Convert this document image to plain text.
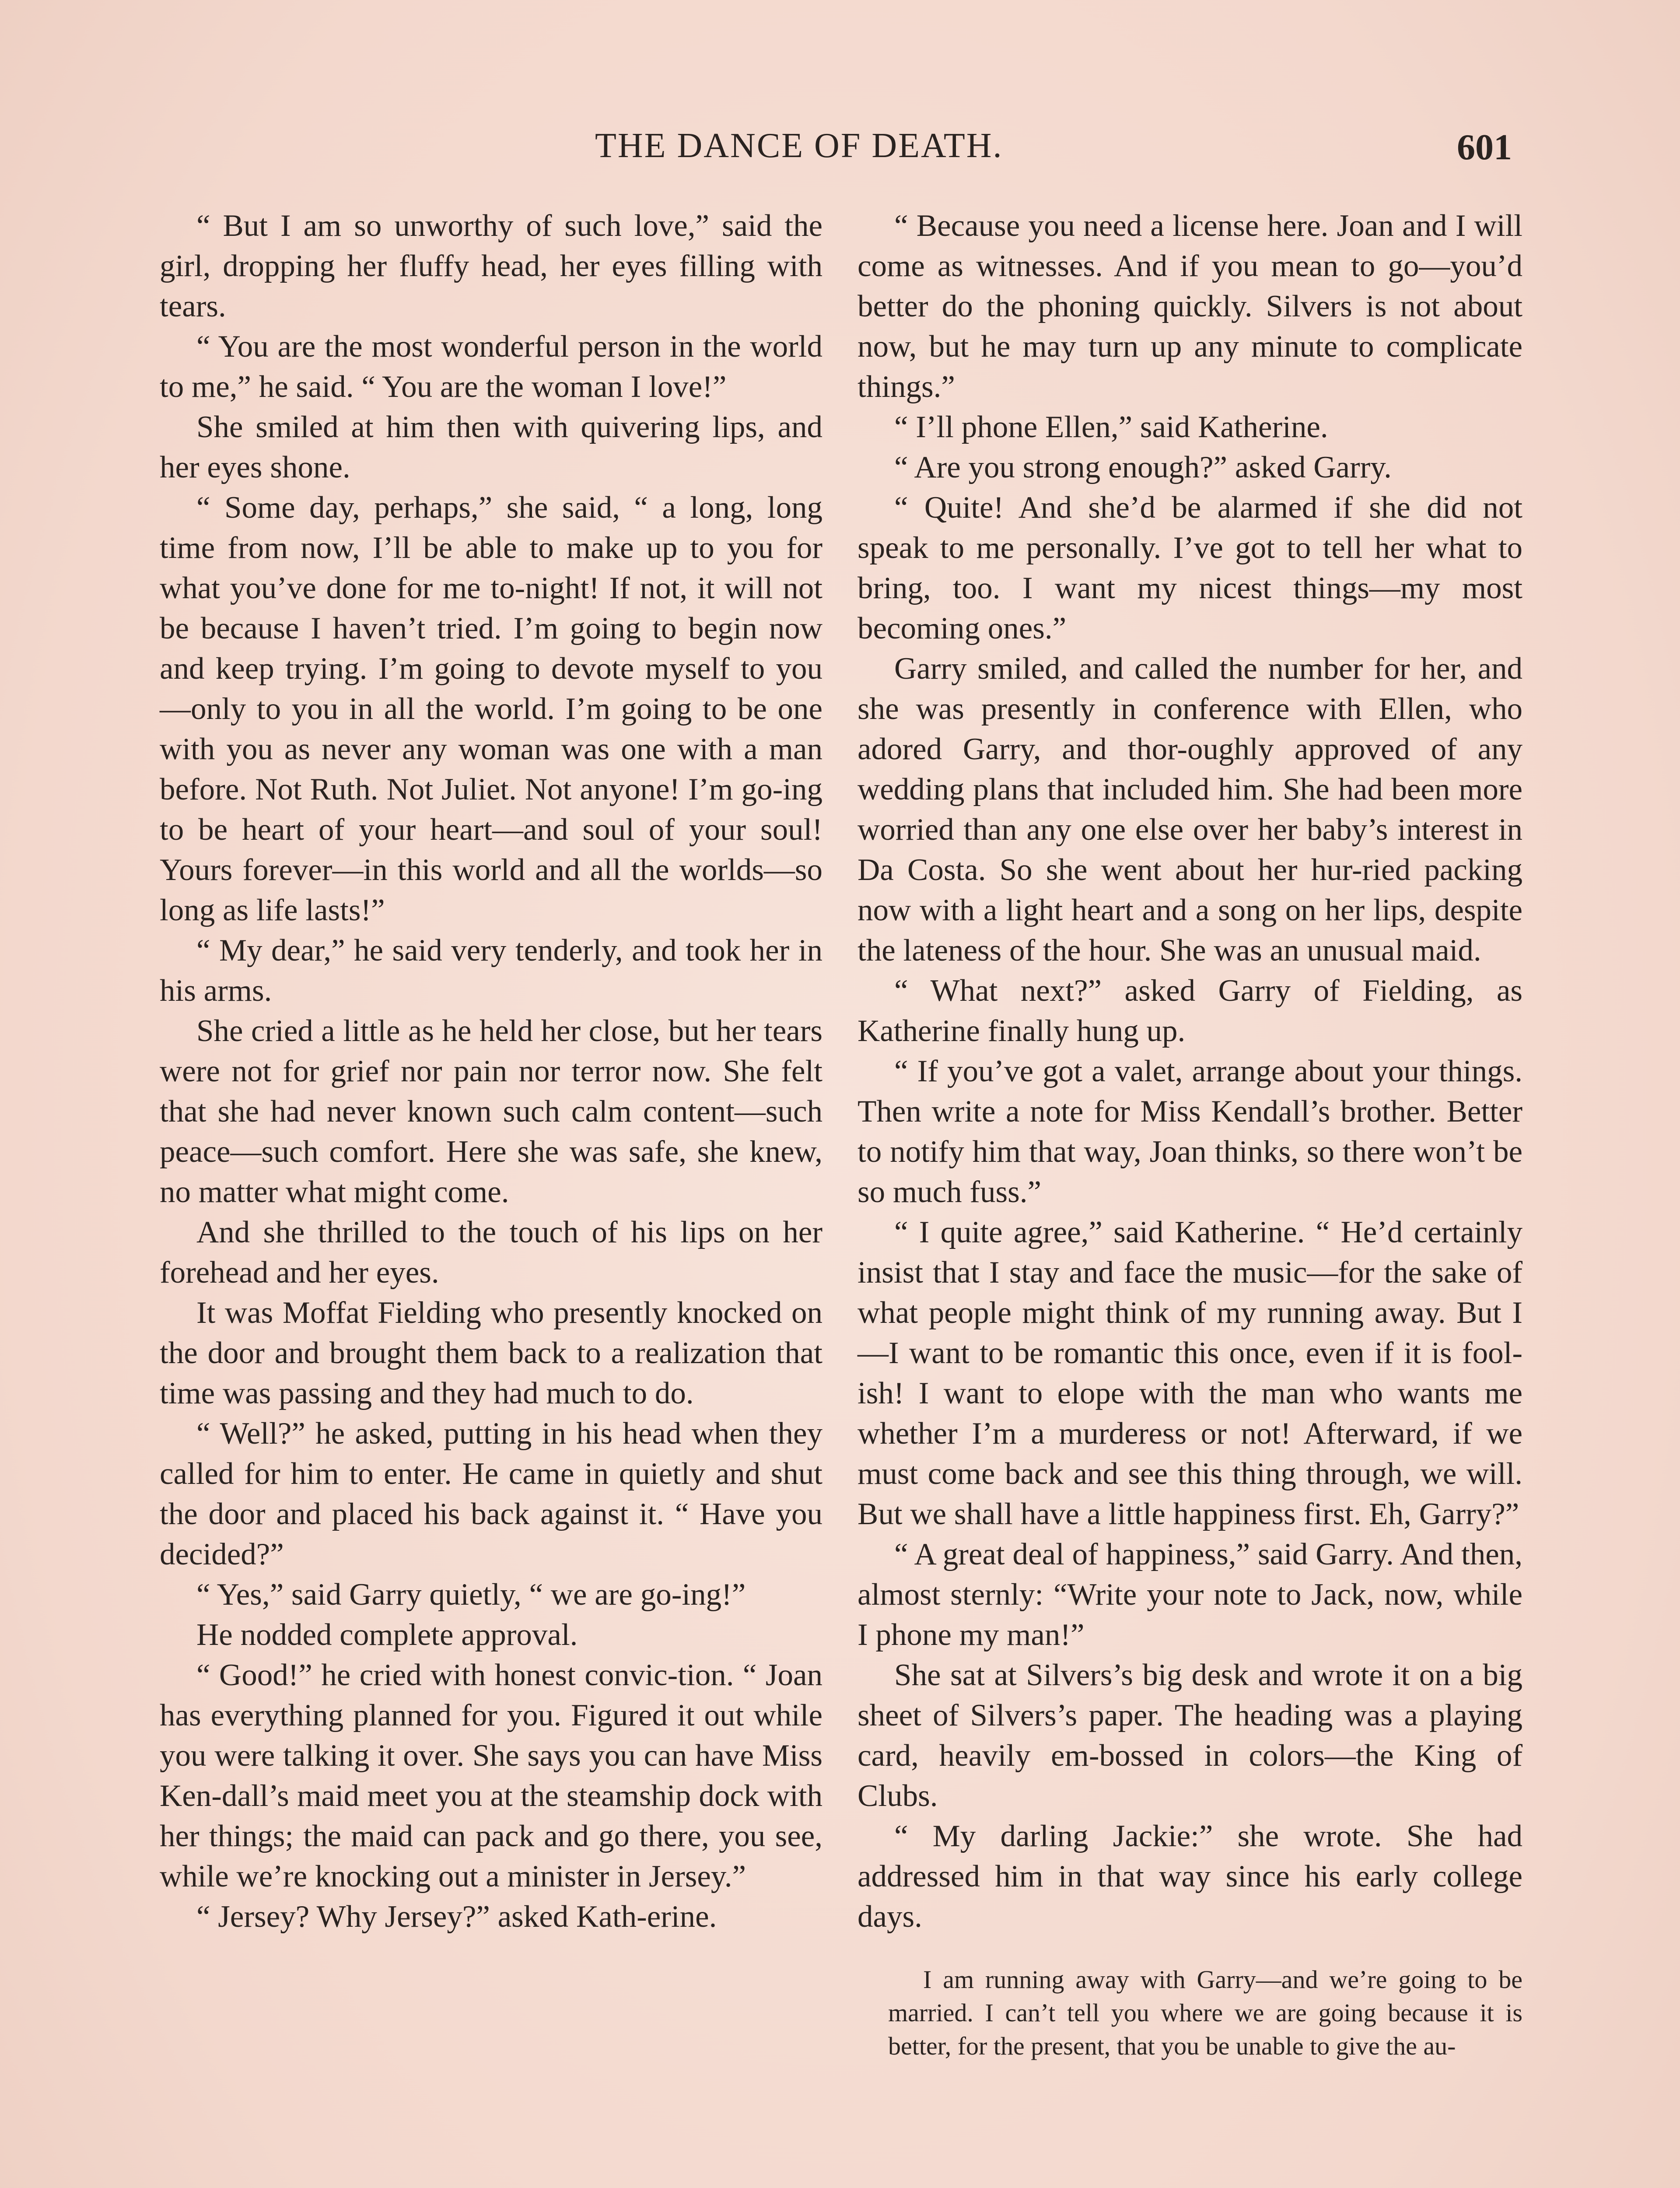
THE DANCE OF DEATH.	601

“ But I am so unworthy of such love,” said the girl, dropping her fluffy head, her eyes filling with tears.

“ You are the most wonderful person in the world to me,” he said. “ You are the woman I love!”

She smiled at him then with quivering lips, and her eyes shone.

“ Some day, perhaps,” she said, “ a long, long time from now, I’ll be able to make up to you for what you’ve done for me to-night! If not, it will not be because I haven’t tried. I’m going to begin now and keep trying. I’m going to devote myself to you—only to you in all the world. I’m going to be one with you as never any woman was one with a man before. Not Ruth. Not Juliet. Not anyone! I’m go-ing to be heart of your heart—and soul of your soul! Yours forever—in this world and all the worlds—so long as life lasts!”

“ My dear,” he said very tenderly, and took her in his arms.

She cried a little as he held her close, but her tears were not for grief nor pain nor terror now. She felt that she had never known such calm content—such peace—such comfort. Here she was safe, she knew, no matter what might come.

And she thrilled to the touch of his lips on her forehead and her eyes.

It was Moffat Fielding who presently knocked on the door and brought them back to a realization that time was passing and they had much to do.

“ Well?” he asked, putting in his head when they called for him to enter. He came in quietly and shut the door and placed his back against it. “ Have you decided?”

“ Yes,” said Garry quietly, “ we are go-ing!”

He nodded complete approval.

“ Good!” he cried with honest convic-tion. “ Joan has everything planned for you. Figured it out while you were talking it over. She says you can have Miss Ken-dall’s maid meet you at the steamship dock with her things; the maid can pack and go there, you see, while we’re knocking out a minister in Jersey.”

“ Jersey? Why Jersey?” asked Kath-erine.

“ Because you need a license here. Joan and I will come as witnesses. And if you mean to go—you’d better do the phoning quickly. Silvers is not about now, but he may turn up any minute to complicate things.”

“ I’ll phone Ellen,” said Katherine.

“ Are you strong enough?” asked Garry.

“ Quite! And she’d be alarmed if she did not speak to me personally. I’ve got to tell her what to bring, too. I want my nicest things—my most becoming ones.”

Garry smiled, and called the number for her, and she was presently in conference with Ellen, who adored Garry, and thor-oughly approved of any wedding plans that included him. She had been more worried than any one else over her baby’s interest in Da Costa. So she went about her hur-ried packing now with a light heart and a song on her lips, despite the lateness of the hour. She was an unusual maid.

“ What next?” asked Garry of Fielding, as Katherine finally hung up.

“ If you’ve got a valet, arrange about your things. Then write a note for Miss Kendall’s brother. Better to notify him that way, Joan thinks, so there won’t be so much fuss.”

“ I quite agree,” said Katherine. “ He’d certainly insist that I stay and face the music—for the sake of what people might think of my running away. But I—I want to be romantic this once, even if it is fool-ish! I want to elope with the man who wants me whether I’m a murderess or not! Afterward, if we must come back and see this thing through, we will. But we shall have a little happiness first. Eh, Garry?”

“ A great deal of happiness,” said Garry. And then, almost sternly: “Write your note to Jack, now, while I phone my man!”

She sat at Silvers’s big desk and wrote it on a big sheet of Silvers’s paper. The heading was a playing card, heavily em-bossed in colors—the King of Clubs.

“ My darling Jackie:” she wrote. She had addressed him in that way since his early college days.

I am running away with Garry—and we’re going to be married. I can’t tell you where we are going because it is better, for the present, that you be unable to give the au-
